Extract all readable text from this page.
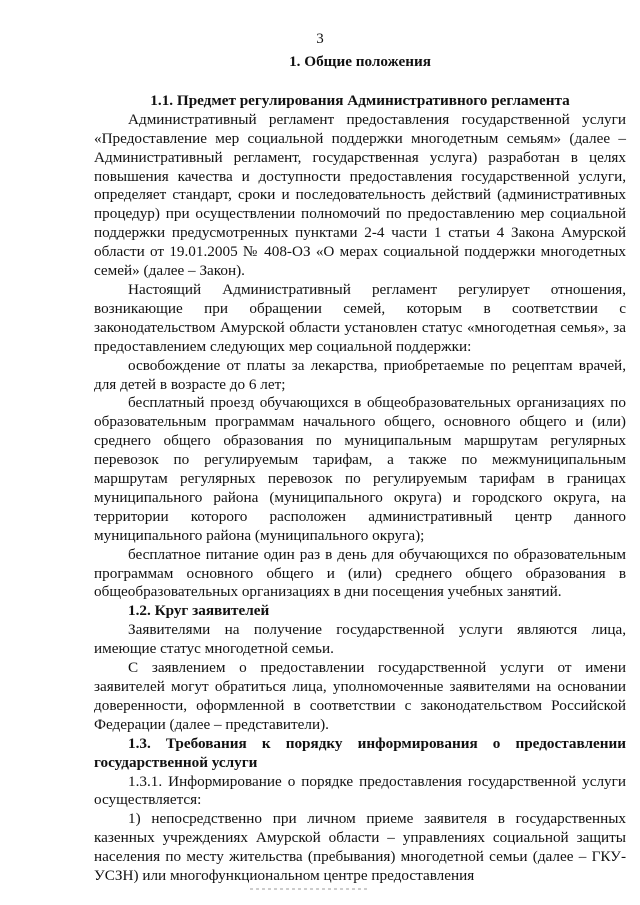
3
1. Общие положения
1.1. Предмет регулирования Административного регламента

Административный регламент предоставления государственной услуги «Предоставление мер социальной поддержки многодетным семьям» (далее – Административный регламент, государственная услуга) разработан в целях повышения качества и доступности предоставления государственной услуги, определяет стандарт, сроки и последовательность действий (административных процедур) при осуществлении полномочий по предоставлению мер социальной поддержки предусмотренных пунктами 2-4 части 1 статьи 4 Закона Амурской области от 19.01.2005 № 408-ОЗ «О мерах социальной поддержки многодетных семей» (далее – Закон).

Настоящий Административный регламент регулирует отношения, возникающие при обращении семей, которым в соответствии с законодательством Амурской области установлен статус «многодетная семья», за предоставлением следующих мер социальной поддержки:

освобождение от платы за лекарства, приобретаемые по рецептам врачей, для детей в возрасте до 6 лет;

бесплатный проезд обучающихся в общеобразовательных организациях по образовательным программам начального общего, основного общего и (или) среднего общего образования по муниципальным маршрутам регулярных перевозок по регулируемым тарифам, а также по межмуниципальным маршрутам регулярных перевозок по регулируемым тарифам в границах муниципального района (муниципального округа) и городского округа, на территории которого расположен административный центр данного муниципального района (муниципального округа);

бесплатное питание один раз в день для обучающихся по образовательным программам основного общего и (или) среднего общего образования в общеобразовательных организациях в дни посещения учебных занятий.

1.2. Круг заявителей

Заявителями на получение государственной услуги являются лица, имеющие статус многодетной семьи.

С заявлением о предоставлении государственной услуги от имени заявителей могут обратиться лица, уполномоченные заявителями на основании доверенности, оформленной в соответствии с законодательством Российской Федерации (далее – представители).

1.3. Требования к порядку информирования о предоставлении государственной услуги

1.3.1. Информирование о порядке предоставления государственной услуги осуществляется:

1) непосредственно при личном приеме заявителя в государственных казенных учреждениях Амурской области – управлениях социальной защиты населения по месту жительства (пребывания) многодетной семьи (далее – ГКУ-УСЗН) или многофункциональном центре предоставления
